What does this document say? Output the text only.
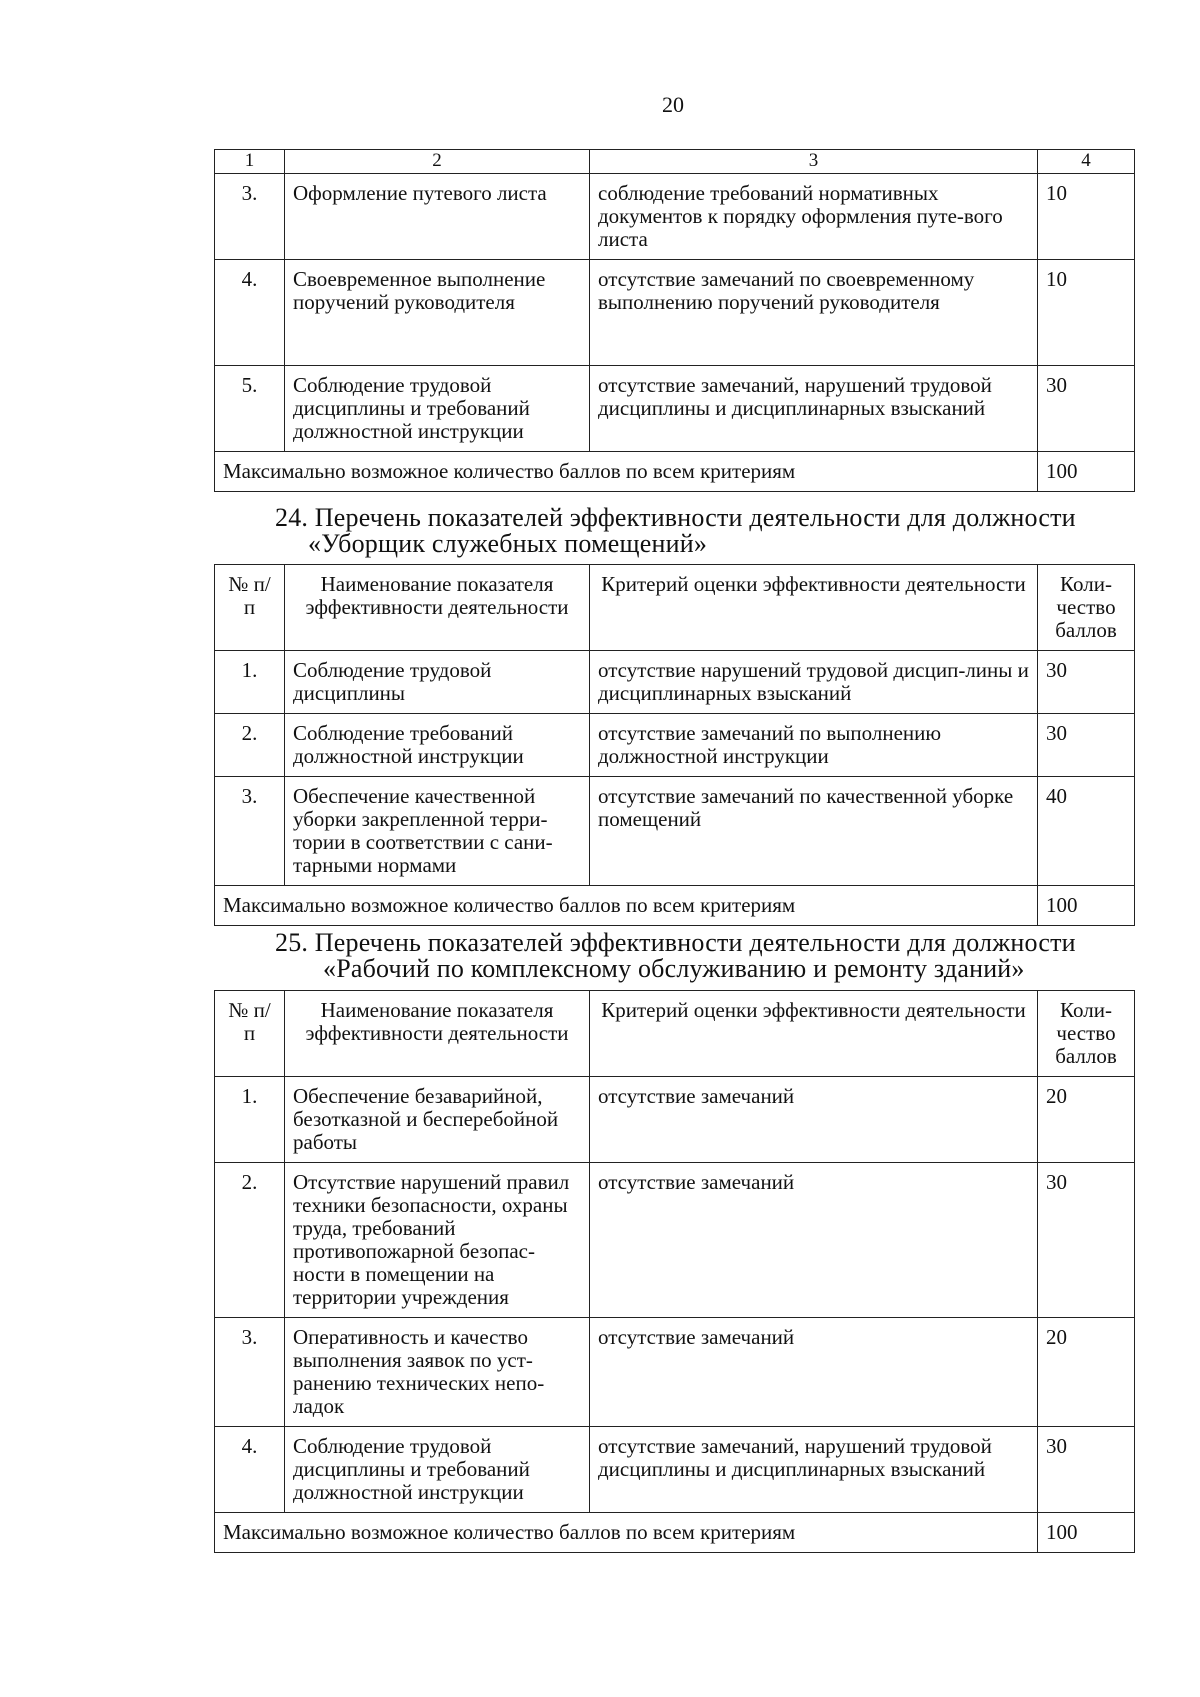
20
1	2	3	4
3.	Оформление путевого листа	соблюдение требований нормативных документов к порядку оформления путе-вого листа	10
4.	Своевременное выполнение поручений руководителя	отсутствие замечаний по своевременному выполнению поручений руководителя	10
5.	Соблюдение трудовой дисциплины и требований должностной инструкции	отсутствие замечаний, нарушений трудовой дисциплины и дисциплинарных взысканий	30
Максимально возможное количество баллов по всем критериям			100
24. Перечень показателей эффективности деятельности для должности
«Уборщик служебных помещений»
№ п/п	Наименование показателя эффективности деятельности	Критерий оценки эффективности деятельности	Коли-чество баллов
1.	Соблюдение трудовой дисциплины	отсутствие нарушений трудовой дисцип-лины и дисциплинарных взысканий	30
2.	Соблюдение требований должностной инструкции	отсутствие замечаний по выполнению должностной инструкции	30
3.	Обеспечение качественной уборки закрепленной терри-тории в соответствии с сани-тарными нормами	отсутствие замечаний по качественной уборке помещений	40
Максимально возможное количество баллов по всем критериям			100
25. Перечень показателей эффективности деятельности для должности
«Рабочий по комплексному обслуживанию и ремонту зданий»
№ п/п	Наименование показателя эффективности деятельности	Критерий оценки эффективности деятельности	Коли-чество баллов
1.	Обеспечение безаварийной, безотказной и бесперебойной работы	отсутствие замечаний	20
2.	Отсутствие нарушений правил техники безопасности, охраны труда, требований противопожарной безопас-ности в помещении на территории учреждения	отсутствие замечаний	30
3.	Оперативность и качество выполнения заявок по уст-ранению технических непо-ладок	отсутствие замечаний	20
4.	Соблюдение трудовой дисциплины и требований должностной инструкции	отсутствие замечаний, нарушений трудовой дисциплины и дисциплинарных взысканий	30
Максимально возможное количество баллов по всем критериям			100
